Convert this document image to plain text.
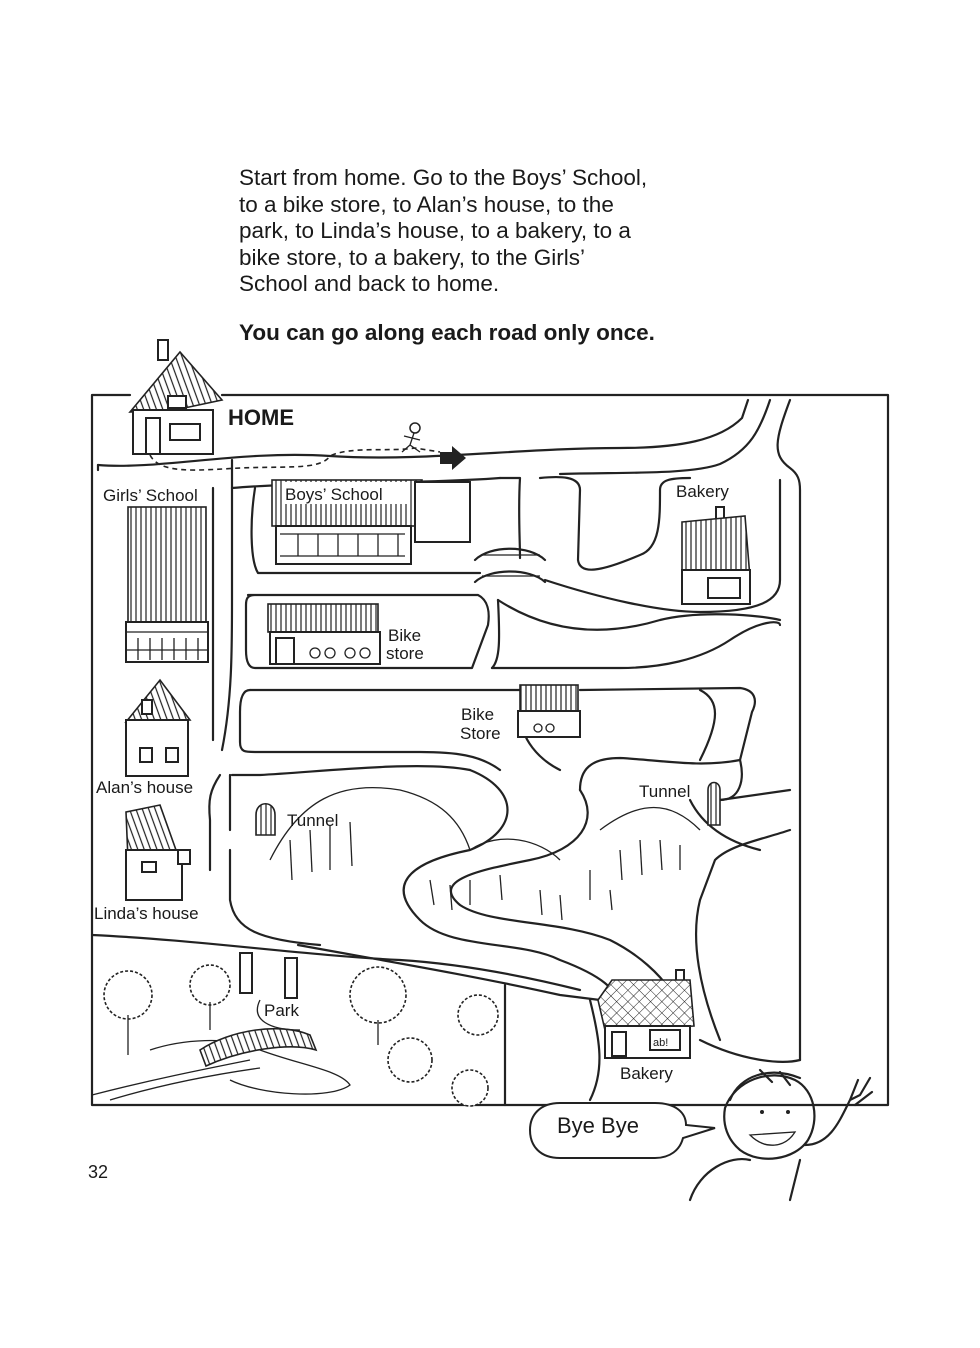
Start from home. Go to the Boys’ School,
to a bike store, to Alan’s house, to the
park, to Linda’s house, to a bakery, to a
bike store, to a bakery, to the Girls’
School and back to home.

You can go along each road only once.

HOME
Girls’ School	Boys’ School	Bakery
Bike
store
Bike
Store
Alan’s house
Linda’s house
Tunnel
Tunnel
Park
ab!
Bakery
Bye Bye

32
